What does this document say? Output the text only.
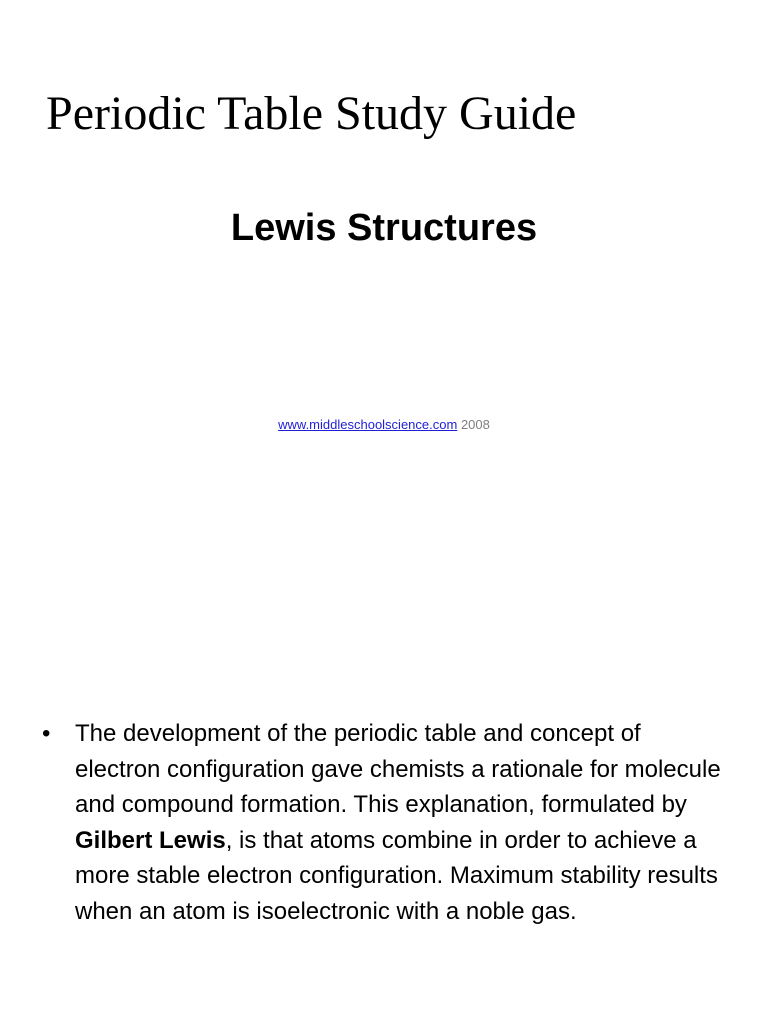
Periodic Table Study Guide
Lewis Structures
www.middleschoolscience.com 2008
• The development of the periodic table and concept of electron configuration gave chemists a rationale for molecule and compound formation. This explanation, formulated by Gilbert Lewis, is that atoms combine in order to achieve a more stable electron configuration. Maximum stability results when an atom is isoelectronic with a noble gas.
